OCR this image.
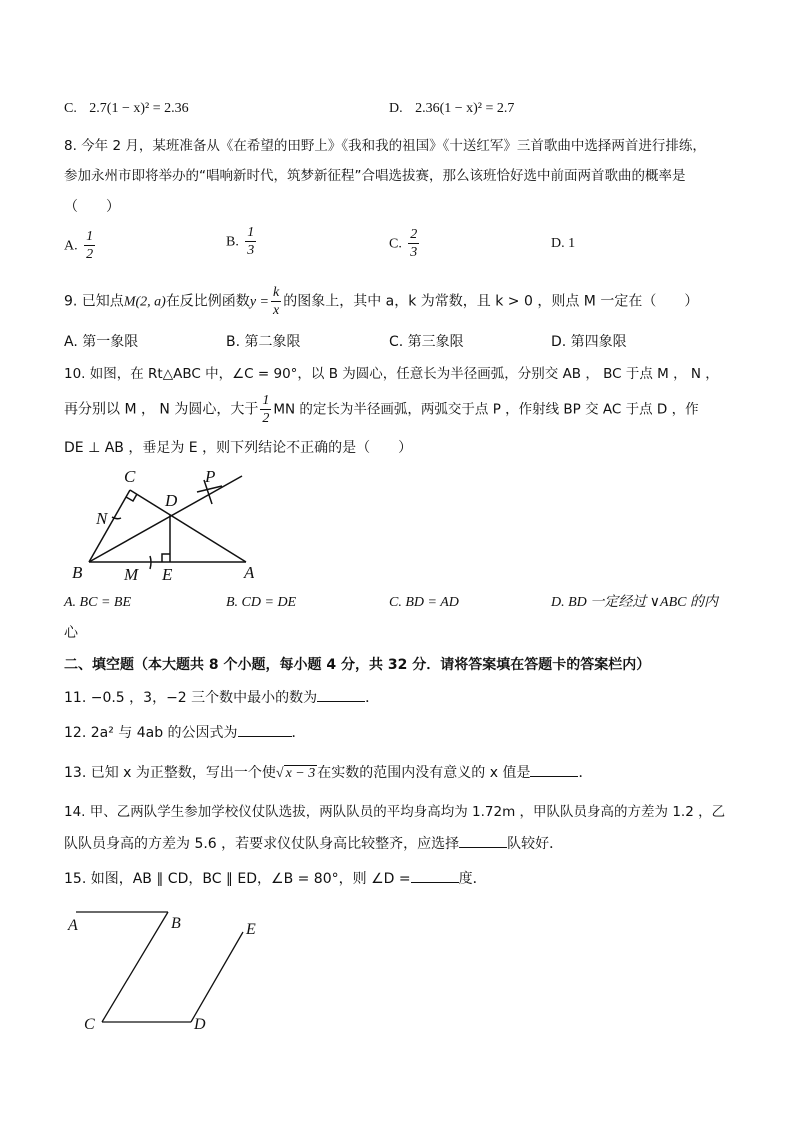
C. 2.7(1 − x)² = 2.36	D. 2.36(1 − x)² = 2.7
8. 今年 2 月，某班准备从《在希望的田野上》《我和我的祖国》《十送红军》三首歌曲中选择两首进行排练，
参加永州市即将举办的“唱响新时代，筑梦新征程”合唱选拔赛，那么该班恰好选中前面两首歌曲的概率是
（　　）
A. $\frac{1}{2}$	B. $\frac{1}{3}$	C. $\frac{2}{3}$	D. 1
9. 已知点M(2, a)在反比例函数$y = \frac{k}{x}$ 的图象上，其中 a，k 为常数，且 k > 0 ，则点 M 一定在（　　）
A. 第一象限	B. 第二象限	C. 第三象限	D. 第四象限
10. 如图，在 Rt△ABC 中，∠C = 90°，以 B 为圆心，任意长为半径画弧，分别交 AB ， BC 于点 M ， N ，
再分别以 M ， N 为圆心，大于 $\frac{1}{2}$ MN 的定长为半径画弧，两弧交于点 P ，作射线 BP 交 AC 于点 D ，作
DE ⊥ AB ，垂足为 E ，则下列结论不正确的是（　　）
C
D
P
N
B M E	A
A. BC = BE	B. CD = DE	C. BD = AD	D. BD 一定经过 ∨ABC 的内
心
二、填空题（本大题共 8 个小题，每小题 4 分，共 32 分．请将答案填在答题卡的答案栏内）
11. −0.5 ，3，−2 三个数中最小的数为	．
12. 2a² 与 4ab 的公因式为	．
13. 已知 x 为正整数，写出一个使√ x − 3 在实数的范围内没有意义的 x 值是	．
14. 甲、乙两队学生参加学校仪仗队选拔，两队队员的平均身高均为 1.72m ，甲队队员身高的方差为 1.2 ，乙
队队员身高的方差为 5.6 ，若要求仪仗队身高比较整齐，应选择	队较好．
15. 如图，AB ∥ CD，BC ∥ ED，∠B = 80°，则 ∠D =	度．
A	B
C	D
E
